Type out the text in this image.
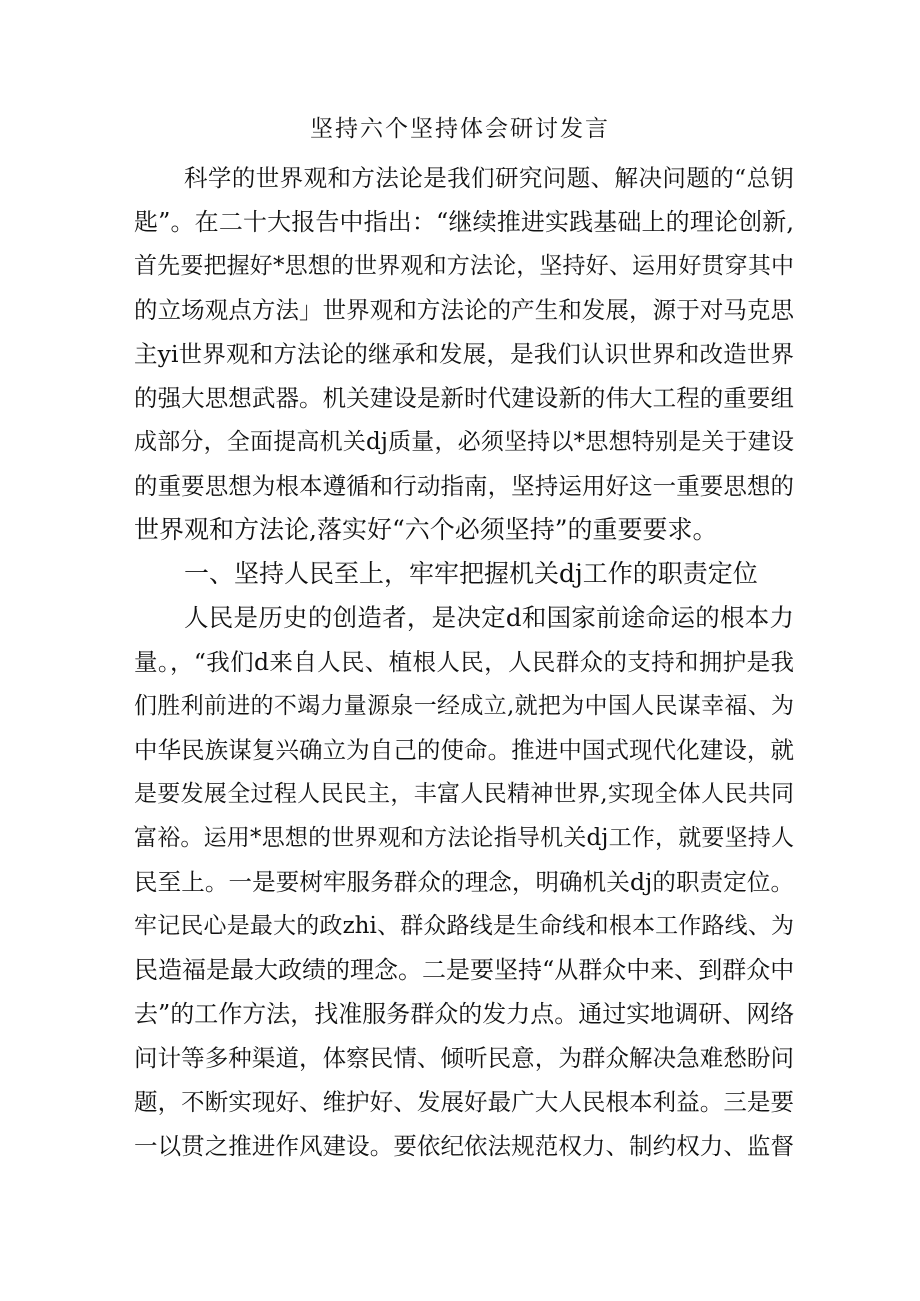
坚持六个坚持体会研讨发言

科学的世界观和方法论是我们研究问题、解决问题的“总钥

匙”。在二十大报告中指出：“继续推进实践基础上的理论创新,

首先要把握好*思想的世界观和方法论，坚持好、运用好贯穿其中

的立场观点方法」世界观和方法论的产生和发展，源于对马克思

主yi世界观和方法论的继承和发展，是我们认识世界和改造世界

的强大思想武器。机关建设是新时代建设新的伟大工程的重要组

成部分，全面提高机关dj质量，必须坚持以*思想特别是关于建设

的重要思想为根本遵循和行动指南，坚持运用好这一重要思想的

世界观和方法论,落实好“六个必须坚持”的重要要求。

一、坚持人民至上，牢牢把握机关dj工作的职责定位

人民是历史的创造者，是决定d和国家前途命运的根本力

量。，“我们d来自人民、植根人民，人民群众的支持和拥护是我

们胜利前进的不竭力量源泉一经成立,就把为中国人民谋幸福、为

中华民族谋复兴确立为自己的使命。推进中国式现代化建设，就

是要发展全过程人民民主，丰富人民精神世界,实现全体人民共同

富裕。运用*思想的世界观和方法论指导机关dj工作，就要坚持人

民至上。一是要树牢服务群众的理念，明确机关dj的职责定位。

牢记民心是最大的政zhi、群众路线是生命线和根本工作路线、为

民造福是最大政绩的理念。二是要坚持“从群众中来、到群众中

去”的工作方法，找准服务群众的发力点。通过实地调研、网络

问计等多种渠道，体察民情、倾听民意，为群众解决急难愁盼问

题，不断实现好、维护好、发展好最广大人民根本利益。三是要

一以贯之推进作风建设。要依纪依法规范权力、制约权力、监督
